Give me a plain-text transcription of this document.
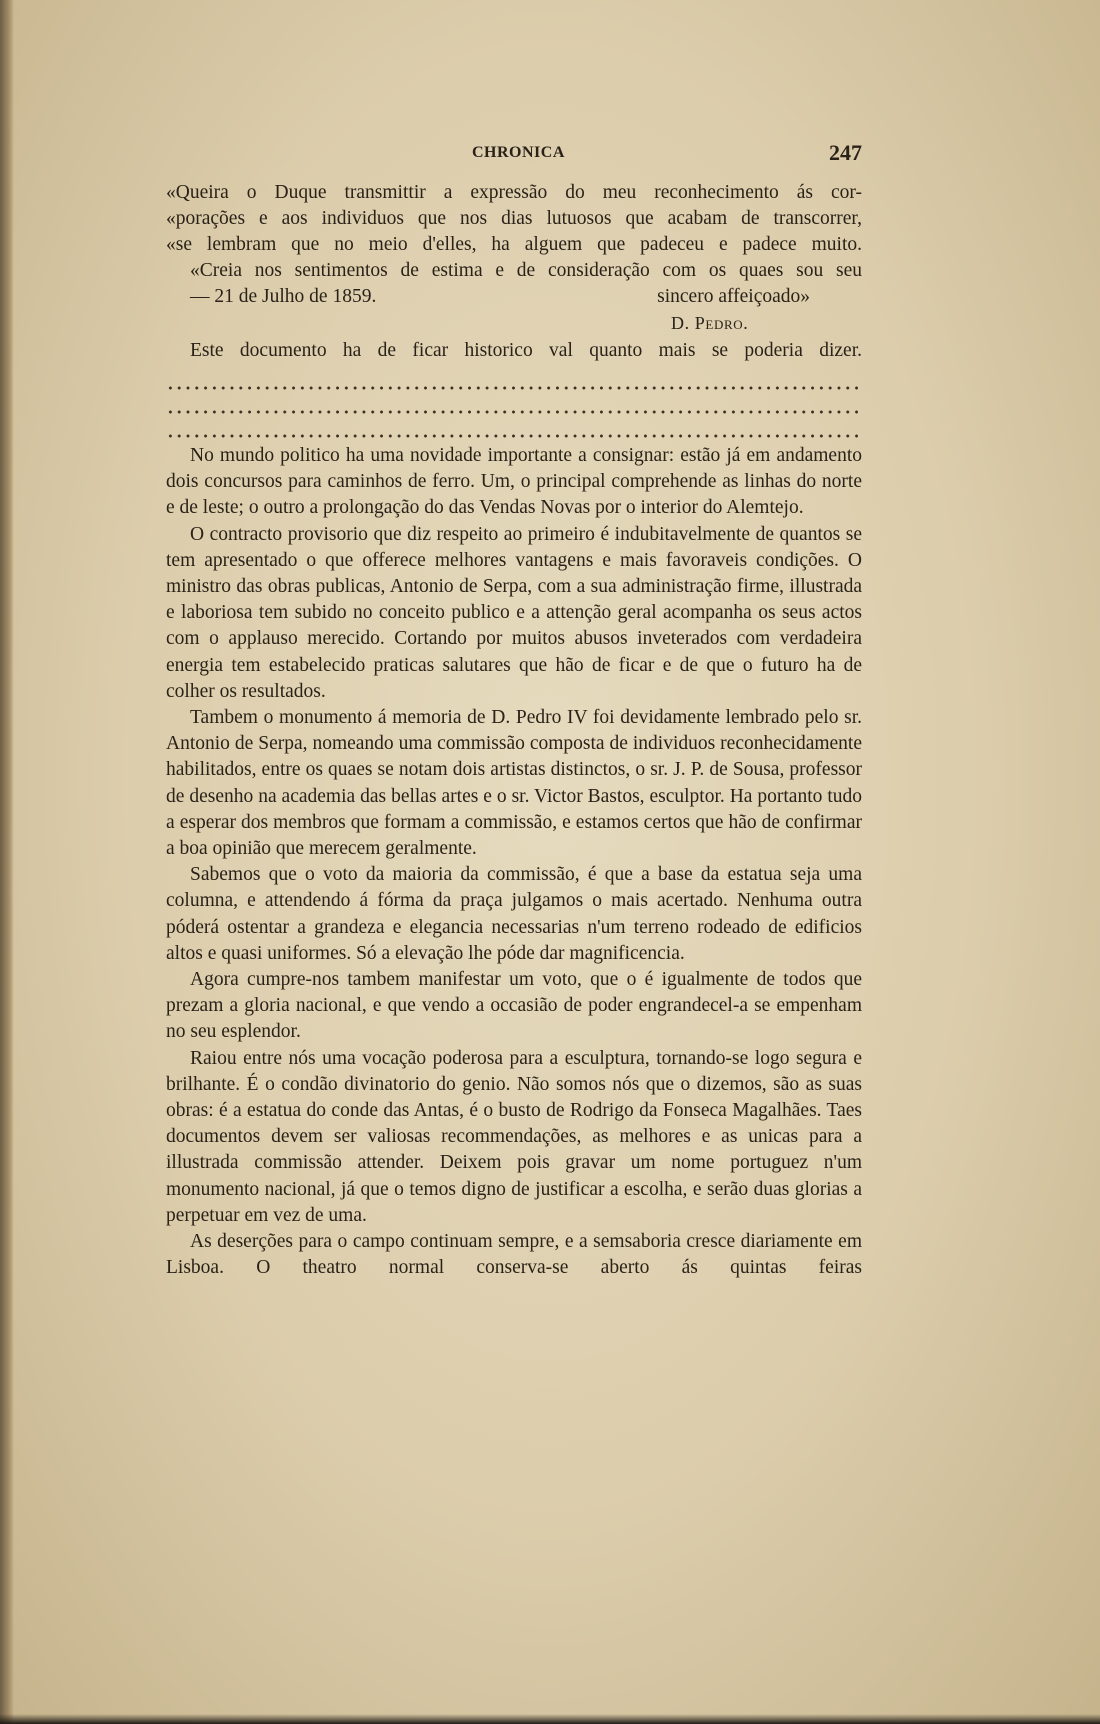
CHRONICA	247
«Queira o Duque transmittir a expressão do meu reconhecimento ás cor-
«porações e aos individuos que nos dias lutuosos que acabam de transcorrer,
«se lembram que no meio d'elles, ha alguem que padeceu e padece muito.
«Creia nos sentimentos de estima e de consideração com os quaes sou seu
— 21 de Julho de 1859.	sincero affeiçoado»
D. Pedro.
Este documento ha de ficar historico val quanto mais se poderia dizer.

No mundo politico ha uma novidade importante a consignar: estão já em andamento dois concursos para caminhos de ferro. Um, o principal comprehende as linhas do norte e de leste; o outro a prolongação do das Vendas Novas por o interior do Alemtejo.

O contracto provisorio que diz respeito ao primeiro é indubitavelmente de quantos se tem apresentado o que offerece melhores vantagens e mais favoraveis condições. O ministro das obras publicas, Antonio de Serpa, com a sua administração firme, illustrada e laboriosa tem subido no conceito publico e a attenção geral acompanha os seus actos com o applauso merecido. Cortando por muitos abusos inveterados com verdadeira energia tem estabelecido praticas salutares que hão de ficar e de que o futuro ha de colher os resultados.

Tambem o monumento á memoria de D. Pedro IV foi devidamente lembrado pelo sr. Antonio de Serpa, nomeando uma commissão composta de individuos reconhecidamente habilitados, entre os quaes se notam dois artistas distinctos, o sr. J. P. de Sousa, professor de desenho na academia das bellas artes e o sr. Victor Bastos, esculptor. Ha portanto tudo a esperar dos membros que formam a commissão, e estamos certos que hão de confirmar a boa opinião que merecem geralmente.

Sabemos que o voto da maioria da commissão, é que a base da estatua seja uma columna, e attendendo á fórma da praça julgamos o mais acertado. Nenhuma outra póderá ostentar a grandeza e elegancia necessarias n'um terreno rodeado de edificios altos e quasi uniformes. Só a elevação lhe póde dar magnificencia.

Agora cumpre-nos tambem manifestar um voto, que o é igualmente de todos que prezam a gloria nacional, e que vendo a occasião de poder engrandecel-a se empenham no seu esplendor.

Raiou entre nós uma vocação poderosa para a esculptura, tornando-se logo segura e brilhante. É o condão divinatorio do genio. Não somos nós que o dizemos, são as suas obras: é a estatua do conde das Antas, é o busto de Rodrigo da Fonseca Magalhães. Taes documentos devem ser valiosas recommendações, as melhores e as unicas para a illustrada commissão attender. Deixem pois gravar um nome portuguez n'um monumento nacional, já que o temos digno de justificar a escolha, e serão duas glorias a perpetuar em vez de uma.

As deserções para o campo continuam sempre, e a semsaboria cresce diariamente em Lisboa. O theatro normal conserva-se aberto ás quintas feiras
